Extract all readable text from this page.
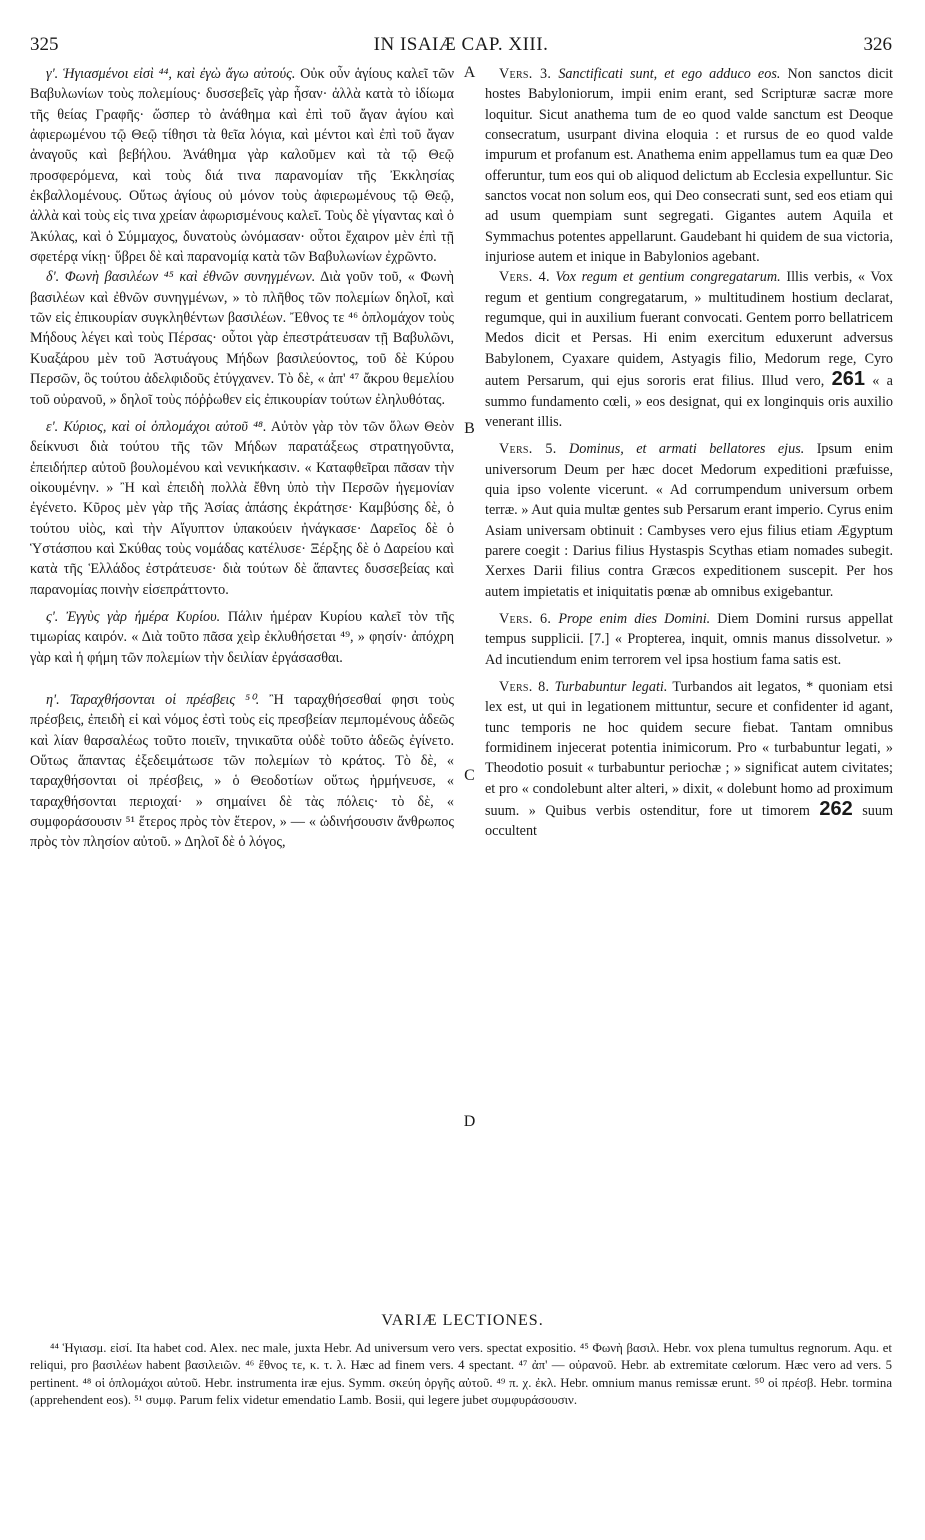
325	IN ISAIÆ CAP. XIII.	326
A
B
C
D

γ'. Ἡγιασμένοι εἰσὶ ⁴⁴, καὶ ἐγὼ ἄγω αὐτούς. Οὐκ οὖν ἁγίους καλεῖ τῶν Βαβυλωνίων τοὺς πολεμίους· δυσσεβεῖς γὰρ ἦσαν· ἀλλὰ κατὰ τὸ ἰδίωμα τῆς θείας Γραφῆς· ὥσπερ τὸ ἀνάθημα καὶ ἐπὶ τοῦ ἄγαν ἁγίου καὶ ἀφιερωμένου τῷ Θεῷ τίθησι τὰ θεῖα λόγια, καὶ μέντοι καὶ ἐπὶ τοῦ ἄγαν ἀναγοῦς καὶ βεβήλου. Ἀνάθημα γὰρ καλοῦμεν καὶ τὰ τῷ Θεῷ προσφερόμενα, καὶ τοὺς διά τινα παρανομίαν τῆς Ἐκκλησίας ἐκβαλλομένους. Οὕτως ἁγίους οὐ μόνον τοὺς ἀφιερωμένους τῷ Θεῷ, ἀλλὰ καὶ τοὺς εἰς τινα χρείαν ἀφωρισμένους καλεῖ. Τοὺς δὲ γίγαντας καὶ ὁ Ἀκύλας, καὶ ὁ Σύμμαχος, δυνατοὺς ὠνόμασαν· οὗτοι ἔχαιρον μὲν ἐπὶ τῇ σφετέρᾳ νίκῃ· ὕβρει δὲ καὶ παρανομίᾳ κατὰ τῶν Βαβυλωνίων ἐχρῶντο.

δ'. Φωνὴ βασιλέων ⁴⁵ καὶ ἐθνῶν συνηγμένων. Διὰ γοῦν τοῦ, « Φωνὴ βασιλέων καὶ ἐθνῶν συνηγμένων, » τὸ πλῆθος τῶν πολεμίων δηλοῖ, καὶ τῶν εἰς ἐπικουρίαν συγκληθέντων βασιλέων. Ἔθνος τε ⁴⁶ ὁπλομάχον τοὺς Μήδους λέγει καὶ τοὺς Πέρσας· οὗτοι γὰρ ἐπεστράτευσαν τῇ Βαβυλῶνι, Κυαξάρου μὲν τοῦ Ἀστυάγους Μήδων βασιλεύοντος, τοῦ δὲ Κύρου Περσῶν, ὃς τούτου ἀδελφιδοῦς ἐτύγχανεν. Τὸ δὲ, « ἀπ' ⁴⁷ ἄκρου θεμελίου τοῦ οὐρανοῦ, » δηλοῖ τοὺς πόῤῥωθεν εἰς ἐπικουρίαν τούτων ἐληλυθότας.

ε'. Κύριος, καὶ οἱ ὁπλομάχοι αὐτοῦ ⁴⁸. Αὐτὸν γὰρ τὸν τῶν ὅλων Θεὸν δείκνυσι διὰ τούτου τῆς τῶν Μήδων παρατάξεως στρατηγοῦντα, ἐπειδήπερ αὐτοῦ βουλομένου καὶ νενικήκασιν. « Καταφθεῖραι πᾶσαν τὴν οἰκουμένην. » Ἢ καὶ ἐπειδὴ πολλὰ ἔθνη ὑπὸ τὴν Περσῶν ἡγεμονίαν ἐγένετο. Κῦρος μὲν γὰρ τῆς Ἀσίας ἁπάσης ἐκράτησε· Καμβύσης δὲ, ὁ τούτου υἱὸς, καὶ τὴν Αἴγυπτον ὑπακούειν ἠνάγκασε· Δαρεῖος δὲ ὁ Ὑστάσπου καὶ Σκύθας τοὺς νομάδας κατέλυσε· Ξέρξης δὲ ὁ Δαρείου καὶ κατὰ τῆς Ἑλλάδος ἐστράτευσε· διὰ τούτων δὲ ἅπαντες δυσσεβείας καὶ παρανομίας ποινὴν εἰσεπράττοντο.

ς'. Ἐγγὺς γὰρ ἡμέρα Κυρίου. Πάλιν ἡμέραν Κυρίου καλεῖ τὸν τῆς τιμωρίας καιρόν. « Διὰ τοῦτο πᾶσα χεὶρ ἐκλυθήσεται ⁴⁹, » φησίν· ἀπόχρη γὰρ καὶ ἡ φήμη τῶν πολεμίων τὴν δειλίαν ἐργάσασθαι.

η'. Ταραχθήσονται οἱ πρέσβεις ⁵⁰. Ἢ ταραχθήσεσθαί φησι τοὺς πρέσβεις, ἐπειδὴ εἰ καὶ νόμος ἐστὶ τοὺς εἰς πρεσβείαν πεμπομένους ἀδεῶς καὶ λίαν θαρσαλέως τοῦτο ποιεῖν, τηνικαῦτα οὐδὲ τοῦτο ἀδεῶς ἐγίνετο. Οὕτως ἅπαντας ἐξεδειμάτωσε τῶν πολεμίων τὸ κράτος. Τὸ δὲ, « ταραχθήσονται οἱ πρέσβεις, » ὁ Θεοδοτίων οὕτως ἡρμήνευσε, « ταραχθήσονται περιοχαί· » σημαίνει δὲ τὰς πόλεις· τὸ δὲ, « συμφοράσουσιν ⁵¹ ἕτερος πρὸς τὸν ἕτερον, » — « ὠδινήσουσιν ἄνθρωπος πρὸς τὸν πλησίον αὐτοῦ. » Δηλοῖ δὲ ὁ λόγος,

Vers. 3. Sanctificati sunt, et ego adduco eos. Non sanctos dicit hostes Babyloniorum, impii enim erant, sed Scripturæ sacræ more loquitur. Sicut anathema tum de eo quod valde sanctum est Deoque consecratum, usurpant divina eloquia : et rursus de eo quod valde impurum et profanum est. Anathema enim appellamus tum ea quæ Deo offeruntur, tum eos qui ob aliquod delictum ab Ecclesia expelluntur. Sic sanctos vocat non solum eos, qui Deo consecrati sunt, sed eos etiam qui ad usum quempiam sunt segregati. Gigantes autem Aquila et Symmachus potentes appellarunt. Gaudebant hi quidem de sua victoria, injuriose autem et inique in Babylonios agebant.

Vers. 4. Vox regum et gentium congregatarum. Illis verbis, « Vox regum et gentium congregatarum, » multitudinem hostium declarat, regumque, qui in auxilium fuerant convocati. Gentem porro bellatricem Medos dicit et Persas. Hi enim exercitum eduxerunt adversus Babylonem, Cyaxare quidem, Astyagis filio, Medorum rege, Cyro autem Persarum, qui ejus sororis erat filius. Illud vero, 261 « a summo fundamento cœli, » eos designat, qui ex longinquis oris auxilio venerant illis.

Vers. 5. Dominus, et armati bellatores ejus. Ipsum enim universorum Deum per hæc docet Medorum expeditioni præfuisse, quia ipso volente vicerunt. « Ad corrumpendum universum orbem terræ. » Aut quia multæ gentes sub Persarum erant imperio. Cyrus enim Asiam universam obtinuit : Cambyses vero ejus filius etiam Ægyptum parere coegit : Darius filius Hystaspis Scythas etiam nomades subegit. Xerxes Darii filius contra Græcos expeditionem suscepit. Per hos autem impietatis et iniquitatis pœnæ ab omnibus exigebantur.

Vers. 6. Prope enim dies Domini. Diem Domini rursus appellat tempus supplicii. [7.] « Propterea, inquit, omnis manus dissolvetur. » Ad incutiendum enim terrorem vel ipsa hostium fama satis est.

Vers. 8. Turbabuntur legati. Turbandos ait legatos, * quoniam etsi lex est, ut qui in legationem mittuntur, secure et confidenter id agant, tunc temporis ne hoc quidem secure fiebat. Tantam omnibus formidinem injecerat potentia inimicorum. Pro « turbabuntur legati, » Theodotio posuit « turbabuntur periochæ ; » significat autem civitates; et pro « condolebunt alter alteri, » dixit, « dolebunt homo ad proximum suum. » Quibus verbis ostenditur, fore ut timorem 262 suum occultent

VARIÆ LECTIONES.

⁴⁴ Ἡγιασμ. εἰσί. Ita habet cod. Alex. nec male, juxta Hebr. Ad universum vero vers. spectat expositio. ⁴⁵ Φωνὴ βασιλ. Hebr. vox plena tumultus regnorum. Aqu. et reliqui, pro βασιλέων habent βασιλειῶν. ⁴⁶ ἔθνος τε, κ. τ. λ. Hæc ad finem vers. 4 spectant. ⁴⁷ ἀπ' — οὐρανοῦ. Hebr. ab extremitate cœlorum. Hæc vero ad vers. 5 pertinent. ⁴⁸ οἱ ὁπλομάχοι αὐτοῦ. Hebr. instrumenta iræ ejus. Symm. σκεύη ὀργῆς αὐτοῦ. ⁴⁹ π. χ. ἐκλ. Hebr. omnium manus remissæ erunt. ⁵⁰ οἱ πρέσβ. Hebr. tormina (apprehendent eos). ⁵¹ συμφ. Parum felix videtur emendatio Lamb. Bosii, qui legere jubet συμφυράσουσιν.
